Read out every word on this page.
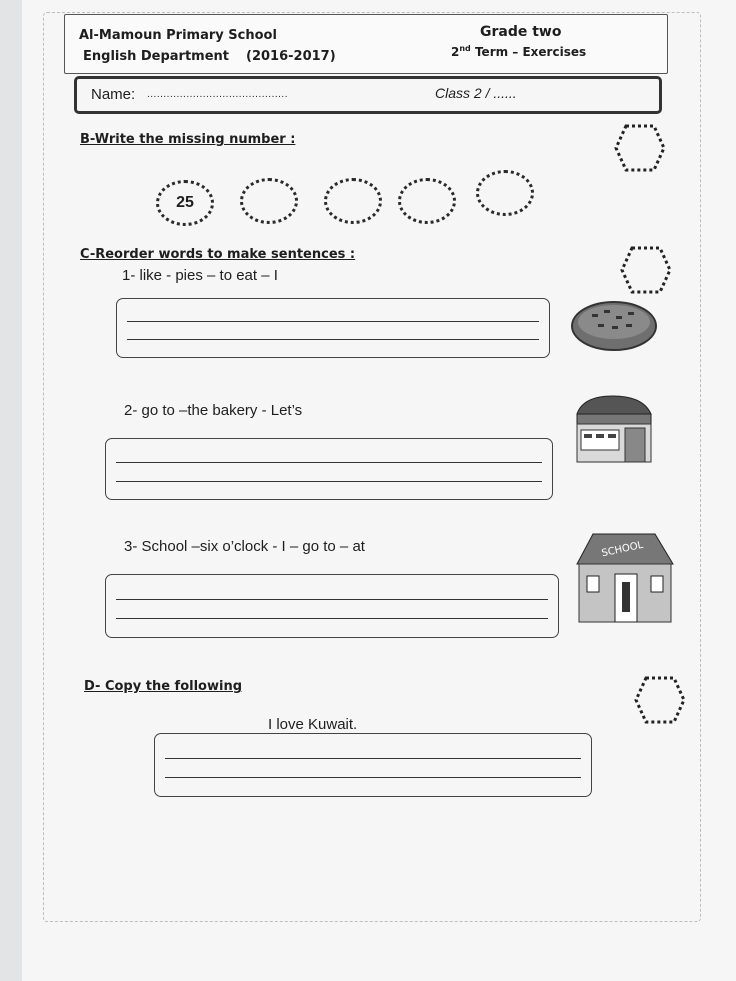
Al-Mamoun Primary School
English Department (2016-2017)
Grade two
2nd Term – Exercises
Name: ...........................................	Class 2 / ......
B-Write the missing number :
25
C-Reorder words to make sentences :
1- like - pies – to eat – I
2- go to –the bakery - Let’s
3- School –six o’clock - I – go to – at	SCHOOL
D- Copy the following
I love Kuwait.
